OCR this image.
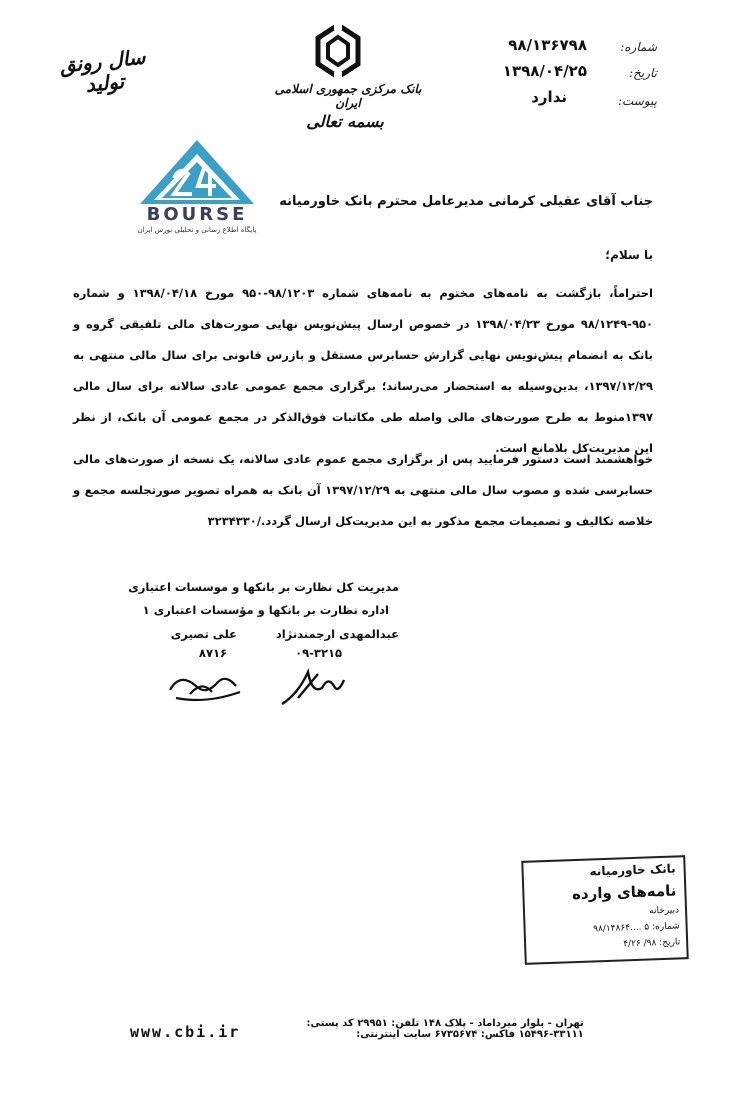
شماره:
۹۸/۱۳۶۷۹۸
تاریخ:
۱۳۹۸/۰۴/۲۵
پیوست:
ندارد
بانک مرکزی جمهوری اسلامی ایران
بسمه تعالی
سال رونق تولید
BOURSE
پایگاه اطلاع رسانی و تحلیلی بورس ایران
جناب آقای عقیلی کرمانی مدیرعامل محترم بانک خاورمیانه
با سلام؛
احتراماً، بازگشت به نامه‌های مختوم به نامه‌های شماره ۹۸/۱۲۰۳-۹۵۰ مورخ ۱۳۹۸/۰۴/۱۸ و شماره ۹۵۰-۹۸/۱۲۴۹ مورخ ۱۳۹۸/۰۴/۲۳ در خصوص ارسال پیش‌نویس نهایی صورت‌های مالی تلفیقی گروه و بانک به انضمام پیش‌نویس نهایی گزارش حسابرس مستقل و بازرس قانونی برای سال مالی منتهی به ۱۳۹۷/۱۲/۲۹، بدین‌وسیله به استحضار می‌رساند؛ برگزاری مجمع عمومی عادی سالانه برای سال مالی ۱۳۹۷منوط به طرح صورت‌های مالی واصله طی مکاتبات فوق‌الذکر در مجمع عمومی آن بانک، از نظر این مدیریت‌کل بلامانع است.
خواهشمند است دستور فرمایید پس از برگزاری مجمع عموم عادی سالانه، یک نسخه از صورت‌های مالی حسابرسی شده و مصوب سال مالی منتهی به ۱۳۹۷/۱۲/۲۹ آن بانک به همراه تصویر صورتجلسه مجمع و خلاصه تکالیف و تصمیمات مجمع مذکور به این مدیریت‌کل ارسال گردد./۳۲۳۴۳۳۰
مدیریت کل نظارت بر بانکها و موسسات اعتباری
اداره نظارت بر بانکها و مؤسسات اعتباری ۱
عبدالمهدی ارجمندنژاد
علی تصیری
۰۹-۳۲۱۵
۸۷۱۶
بانک خاورمیانه
نامه‌های وارده
دبیرخانه
شماره: ۵ ....۹۸/۱۴۸۶۴
تاریخ: ۹۸/ ۴/۲۶
www.cbi.ir	تهران - بلوار میرداماد - پلاک ۱۴۸ تلفن: ۲۹۹۵۱ کد پستی: ۳۳۱۱۱-۱۵۴۹۶ فاکس: ۶۷۳۵۶۷۴ سایت اینترنتی:
